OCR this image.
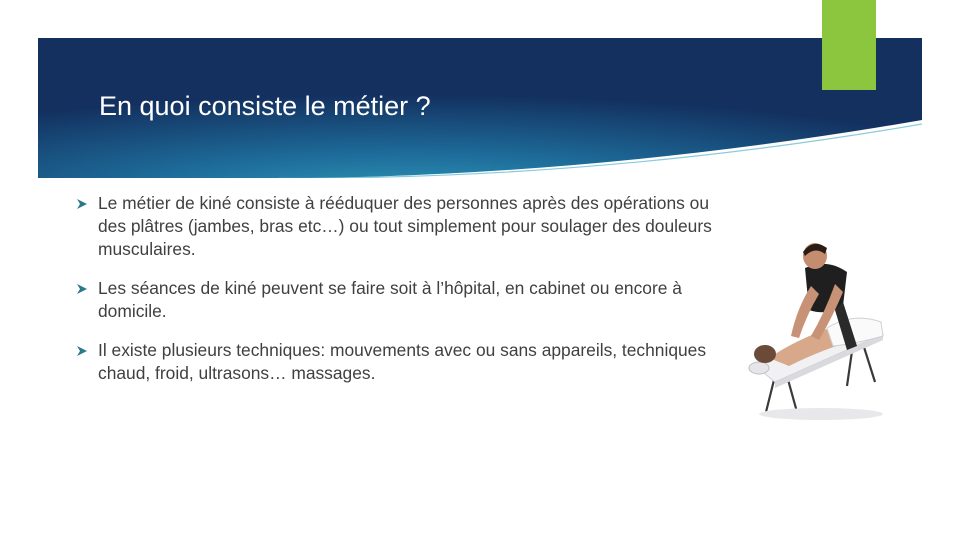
En quoi consiste le métier ?
Le métier de kiné consiste à rééduquer des personnes après des opérations ou des plâtres (jambes, bras etc…) ou tout simplement pour soulager des douleurs musculaires.
Les séances de kiné peuvent se faire soit à l’hôpital, en cabinet ou encore à domicile.
Il existe plusieurs techniques: mouvements avec ou sans appareils, techniques chaud, froid, ultrasons… massages.
